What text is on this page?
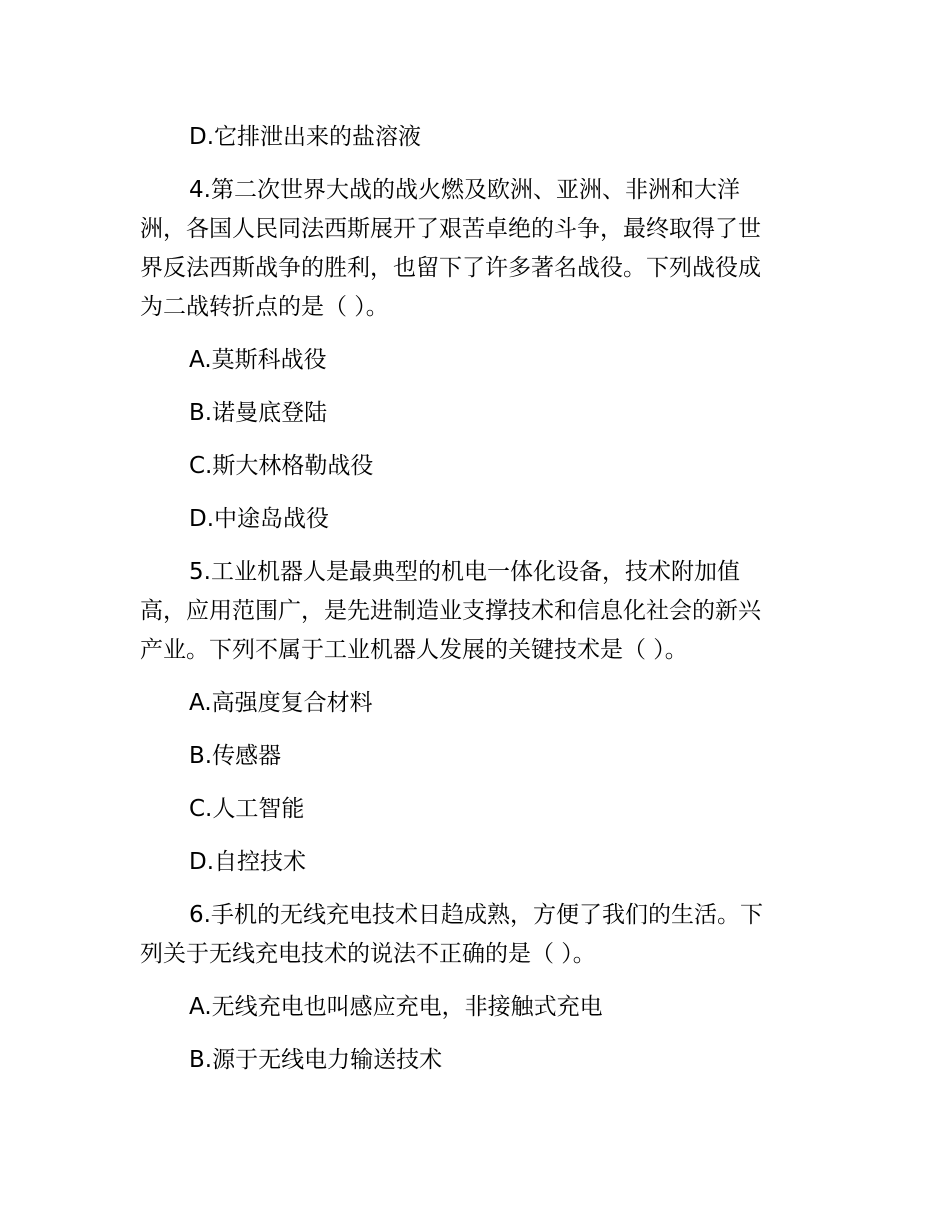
D.它排泄出来的盐溶液

4.第二次世界大战的战火燃及欧洲、亚洲、非洲和大洋

洲，各国人民同法西斯展开了艰苦卓绝的斗争，最终取得了世

界反法西斯战争的胜利，也留下了许多著名战役。下列战役成

为二战转折点的是（ ）。

A.莫斯科战役

B.诺曼底登陆

C.斯大林格勒战役

D.中途岛战役

5.工业机器人是最典型的机电一体化设备，技术附加值

高，应用范围广，是先进制造业支撑技术和信息化社会的新兴

产业。下列不属于工业机器人发展的关键技术是（ ）。

A.高强度复合材料

B.传感器

C.人工智能

D.自控技术

6.手机的无线充电技术日趋成熟，方便了我们的生活。下

列关于无线充电技术的说法不正确的是（ ）。

A.无线充电也叫感应充电，非接触式充电

B.源于无线电力输送技术
